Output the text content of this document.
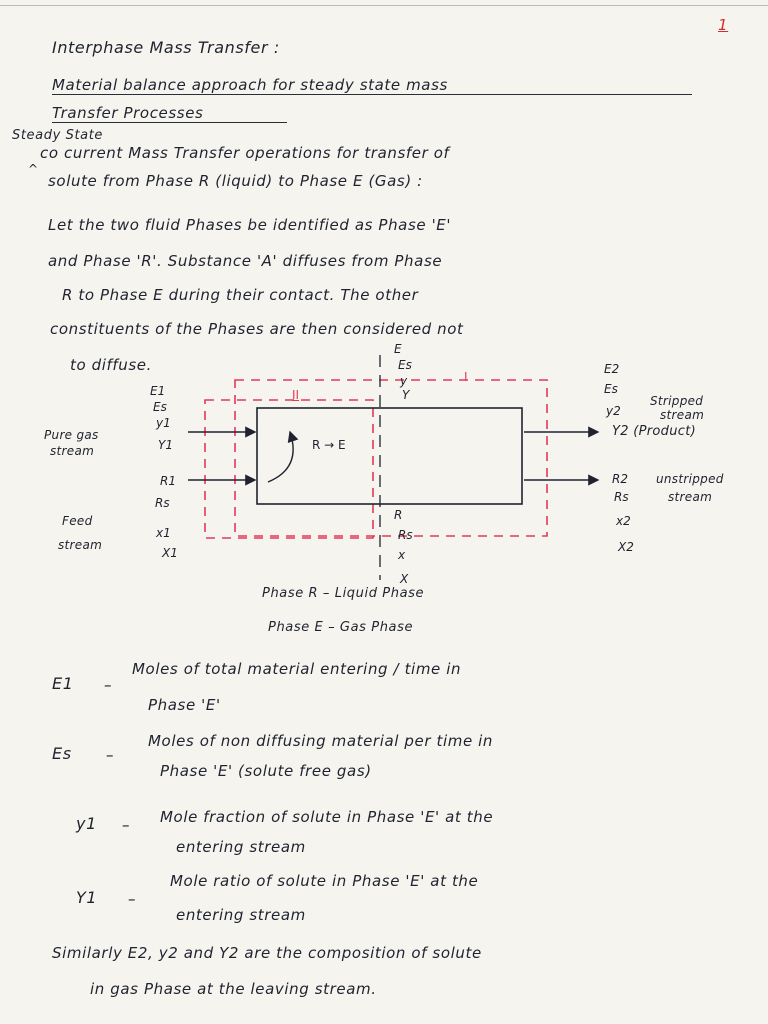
1
Interphase Mass Transfer :
Material balance approach for steady state mass
Transfer Processes
Steady State
co current Mass Transfer operations for transfer of
^
solute from Phase R (liquid) to Phase E (Gas) :
Let the two fluid Phases be identified as Phase 'E'
and Phase 'R'. Substance 'A' diffuses from Phase
R to Phase E during their contact. The other
constituents of the Phases are then considered not
to diffuse.
E
Es
y
Y
I
II
E1
Es
y1
Y1
Pure gas
stream
R1
Rs
x1
X1
Feed
stream
R → E
R
Rs
x
X
E2
Es
y2
Stripped
stream
Y2 (Product)
R2 unstripped
Rs	stream
x2
X2
Phase R – Liquid Phase
Phase E – Gas Phase
E1 –
Moles of total material entering / time in
Phase 'E'
Es –
Moles of non diffusing material per time in
Phase 'E' (solute free gas)
y1 – Mole fraction of solute in Phase 'E' at the
entering stream
Y1 –
Mole ratio of solute in Phase 'E' at the
entering stream
Similarly E2, y2 and Y2 are the composition of solute
in gas Phase at the leaving stream.
